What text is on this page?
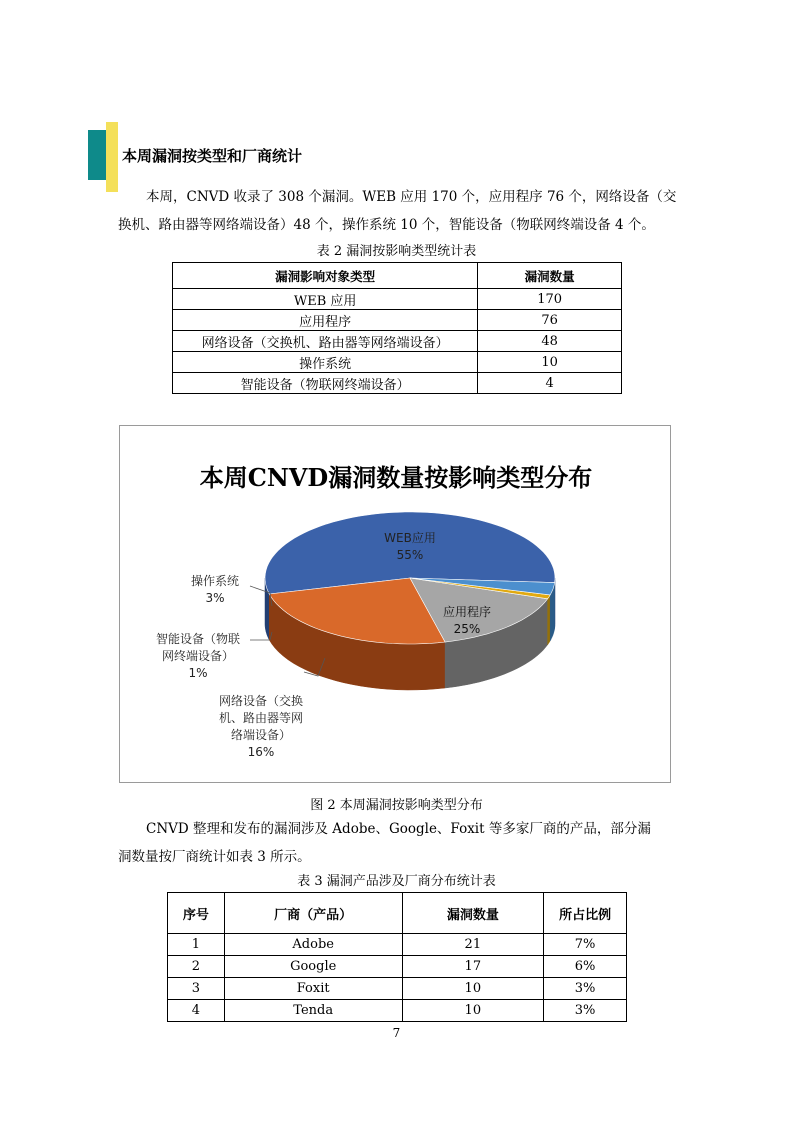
本周漏洞按类型和厂商统计
本周，CNVD 收录了 308 个漏洞。WEB 应用 170 个，应用程序 76 个，网络设备（交
换机、路由器等网络端设备）48 个，操作系统 10 个，智能设备（物联网终端设备 4 个。
表 2 漏洞按影响类型统计表
漏洞影响对象类型	漏洞数量
WEB 应用	170
应用程序	76
网络设备（交换机、路由器等网络端设备）	48
操作系统	10
智能设备（物联网终端设备）	4
本周CNVD漏洞数量按影响类型分布
WEB应用
55%
应用程序
25%
操作系统
3%
智能设备（物联
网终端设备）
1%
网络设备（交换
机、路由器等网
络端设备）
16%
图 2 本周漏洞按影响类型分布
CNVD 整理和发布的漏洞涉及 Adobe、Google、Foxit 等多家厂商的产品，部分漏
洞数量按厂商统计如表 3 所示。
表 3 漏洞产品涉及厂商分布统计表
序号	厂商（产品）	漏洞数量	所占比例
1	Adobe	21	7%
2	Google	17	6%
3	Foxit	10	3%
4	Tenda	10	3%
7
